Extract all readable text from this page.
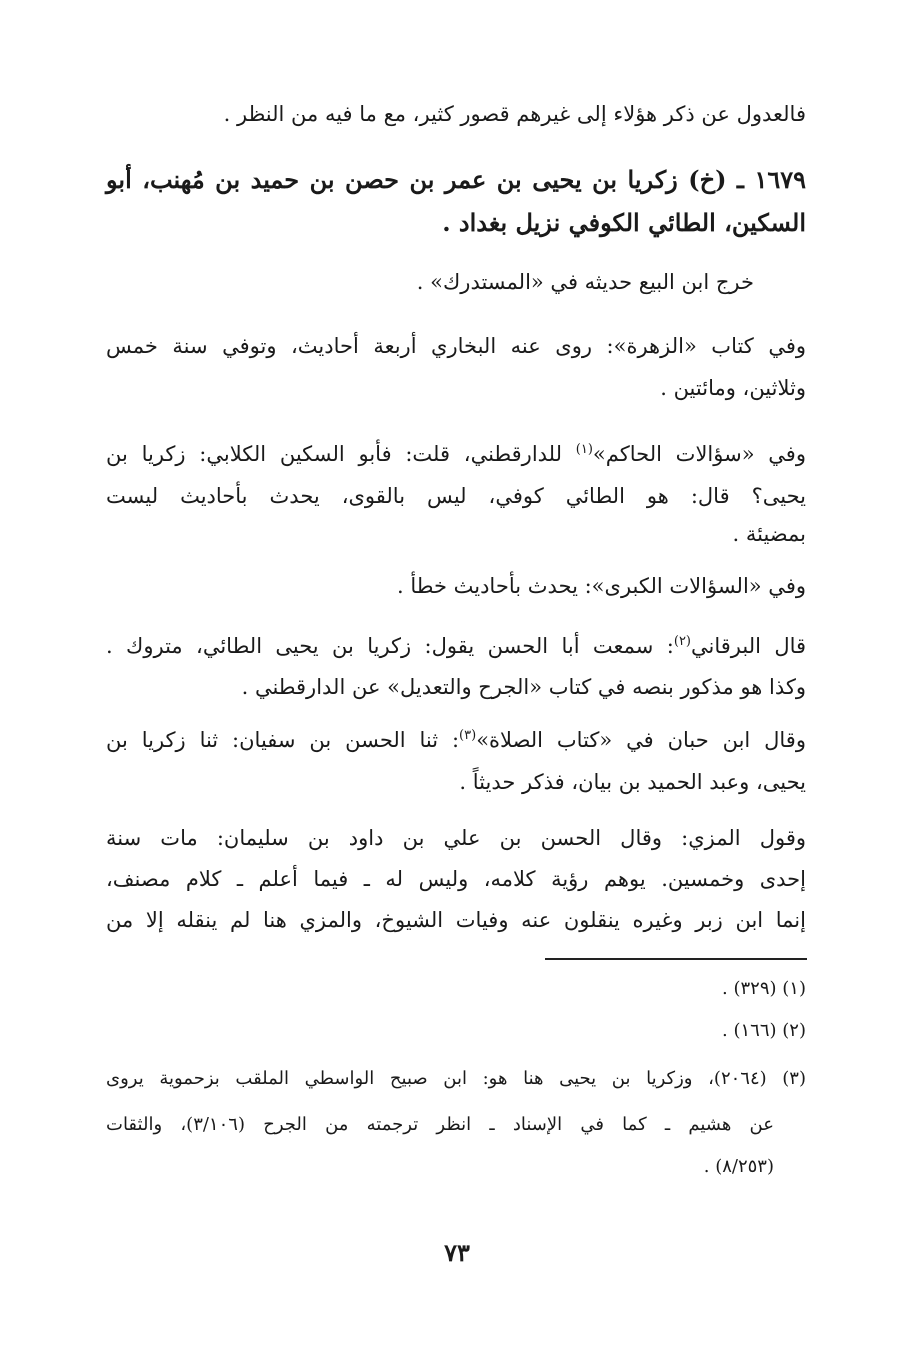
فالعدول عن ذكر هؤلاء إلى غيرهم قصور كثير، مع ما فيه من النظر .
١٦٧٩ ـ (خ) زكريا بن يحيى بن عمر بن حصن بن حميد بن مُهنب، أبو
السكين، الطائي الكوفي نزيل بغداد .
خرج ابن البيع حديثه في «المستدرك» .
وفي كتاب «الزهرة»: روى عنه البخاري أربعة أحاديث، وتوفي سنة خمس
وثلاثين، ومائتين .
وفي «سؤالات الحاكم»$^{(١)}$ للدارقطني، قلت: فأبو السكين الكلابي: زكريا بن
يحيى؟ قال: هو الطائي كوفي، ليس بالقوى، يحدث بأحاديث ليست
بمضيئة .
وفي «السؤالات الكبرى»: يحدث بأحاديث خطأ .
قال البرقاني$^{(٢)}$: سمعت أبا الحسن يقول: زكريا بن يحيى الطائي، متروك .
وكذا هو مذكور بنصه في كتاب «الجرح والتعديل» عن الدارقطني .
وقال ابن حبان في «كتاب الصلاة»$^{(٣)}$: ثنا الحسن بن سفيان: ثنا زكريا بن
يحيى، وعبد الحميد بن بيان، فذكر حديثاً .
وقول المزي: وقال الحسن بن علي بن داود بن سليمان: مات سنة
إحدى وخمسين. يوهم رؤية كلامه، وليس له ـ فيما أعلم ـ كلام مصنف،
إنما ابن زبر وغيره ينقلون عنه وفيات الشيوخ، والمزي هنا لم ينقله إلا من
(١) (٣٢٩) .
(٢) (١٦٦) .
(٣) (٢٠٦٤)، وزكريا بن يحيى هنا هو: ابن صبيح الواسطي الملقب بزحموية يروى
عن هشيم ـ كما في الإسناد ـ انظر ترجمته من الجرح (٣/١٠٦)، والثقات
(٨/٢٥٣) .
٧٣
